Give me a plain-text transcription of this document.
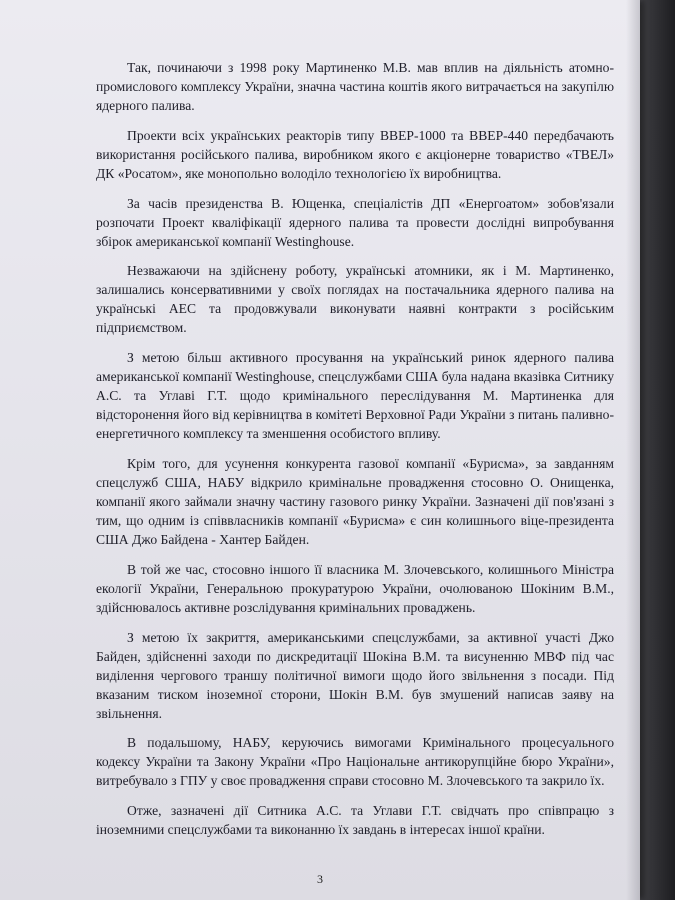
Так, починаючи з 1998 року Мартиненко М.В. мав вплив на діяльність атомно-промислового комплексу України, значна частина коштів якого витрачається на закупілю ядерного палива.

Проекти всіх українських реакторів типу ВВЕР-1000 та ВВЕР-440 передбачають використання російського палива, виробником якого є акціонерне товариство «ТВЕЛ» ДК «Росатом», яке монопольно володіло технологією їх виробництва.

За часів президенства В. Ющенка, спеціалістів ДП «Енергоатом» зобов'язали розпочати Проект кваліфікації ядерного палива та провести дослідні випробування збірок американської компанії Westinghouse.

Незважаючи на здійснену роботу, українські атомники, як і М. Мартиненко, залишались консервативними у своїх поглядах на постачальника ядерного палива на українські АЕС та продовжували виконувати наявні контракти з російським підприємством.

З метою більш активного просування на український ринок ядерного палива американської компанії Westinghouse, спецслужбами США була надана вказівка Ситнику А.С. та Углаві Г.Т. щодо кримінального переслідування М. Мартиненка для відсторонення його від керівництва в комітеті Верховної Ради України з питань паливно-енергетичного комплексу та зменшення особистого впливу.

Крім того, для усунення конкурента газової компанії «Бурисма», за завданням спецслужб США, НАБУ відкрило кримінальне провадження стосовно О. Онищенка, компанії якого займали значну частину газового ринку України. Зазначені дії пов'язані з тим, що одним із співвласників компанії «Бурисма» є син колишнього віце-президента США Джо Байдена - Хантер Байден.

В той же час, стосовно іншого її власника М. Злочевського, колишнього Міністра екології України, Генеральною прокуратурою України, очолюваною Шокіним В.М., здійснювалось активне розслідування кримінальних проваджень.

З метою їх закриття, американськими спецслужбами, за активної участі Джо Байден, здійсненні заходи по дискредитації Шокіна В.М. та висуненню МВФ під час виділення чергового траншу політичної вимоги щодо його звільнення з посади. Під вказаним тиском іноземної сторони, Шокін В.М. був змушений написав заяву на звільнення.

В подальшому, НАБУ, керуючись вимогами Кримінального процесуального кодексу України та Закону України «Про Національне антикорупційне бюро України», витребувало з ГПУ у своє провадження справи стосовно М. Злочевського та закрило їх.

Отже, зазначені дії Ситника А.С. та Углави Г.Т. свідчать про співпрацю з іноземними спецслужбами та виконанню їх завдань в інтересах іншої країни.

3
